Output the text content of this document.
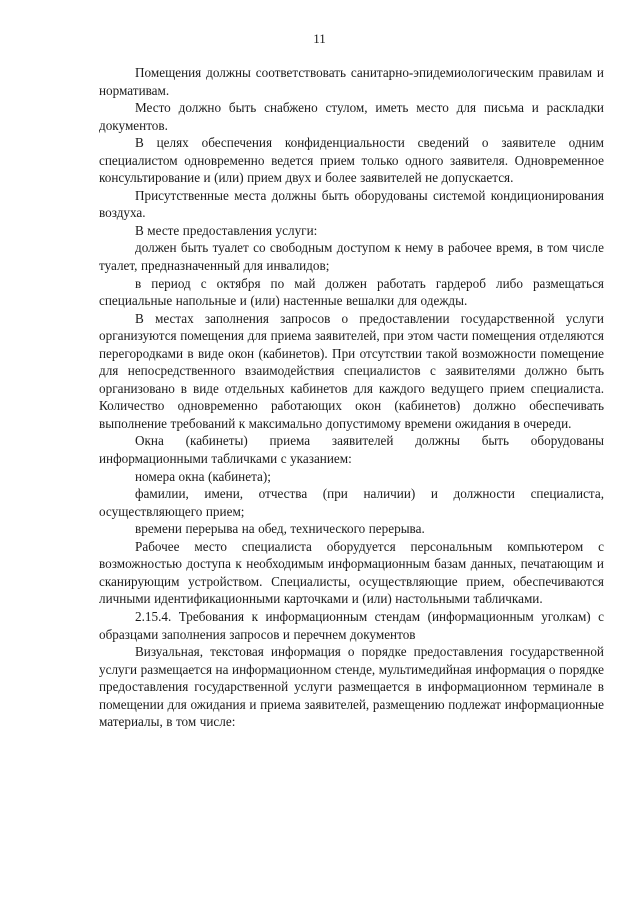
11

Помещения должны соответствовать санитарно-эпидемиологическим правилам и нормативам.

Место должно быть снабжено стулом, иметь место для письма и раскладки документов.

В целях обеспечения конфиденциальности сведений о заявителе одним специалистом одновременно ведется прием только одного заявителя. Одновременное консультирование и (или) прием двух и более заявителей не допускается.

Присутственные места должны быть оборудованы системой кондиционирования воздуха.

В месте предоставления услуги:

должен быть туалет со свободным доступом к нему в рабочее время, в том числе туалет, предназначенный для инвалидов;

в период с октября по май должен работать гардероб либо размещаться специальные напольные и (или) настенные вешалки для одежды.

В местах заполнения запросов о предоставлении государственной услуги организуются помещения для приема заявителей, при этом части помещения отделяются перегородками в виде окон (кабинетов). При отсутствии такой возможности помещение для непосредственного взаимодействия специалистов с заявителями должно быть организовано в виде отдельных кабинетов для каждого ведущего прием специалиста. Количество одновременно работающих окон (кабинетов) должно обеспечивать выполнение требований к максимально допустимому времени ожидания в очереди.

Окна (кабинеты) приема заявителей должны быть оборудованы информационными табличками с указанием:

номера окна (кабинета);

фамилии, имени, отчества (при наличии) и должности специалиста, осуществляющего прием;

времени перерыва на обед, технического перерыва.

Рабочее место специалиста оборудуется персональным компьютером с возможностью доступа к необходимым информационным базам данных, печатающим и сканирующим устройством. Специалисты, осуществляющие прием, обеспечиваются личными идентификационными карточками и (или) настольными табличками.

2.15.4. Требования к информационным стендам (информационным уголкам) с образцами заполнения запросов и перечнем документов

Визуальная, текстовая информация о порядке предоставления государственной услуги размещается на информационном стенде, мультимедийная информация о порядке предоставления государственной услуги размещается в информационном терминале в помещении для ожидания и приема заявителей, размещению подлежат информационные материалы, в том числе:
